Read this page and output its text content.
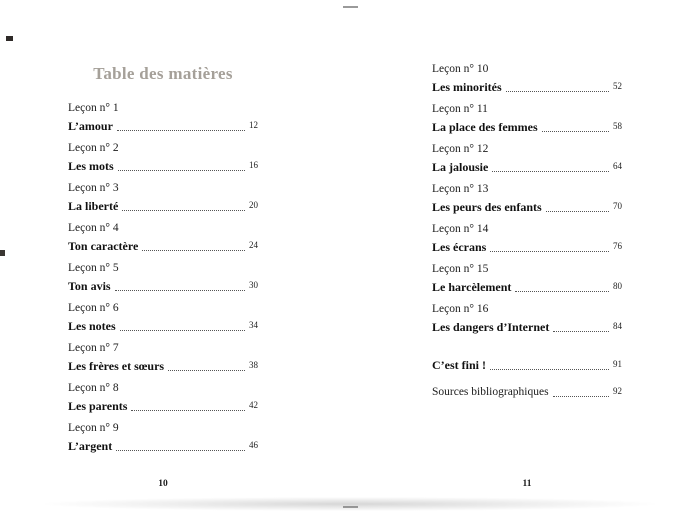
Table des matières
Leçon n° 1
L’amour	12
Leçon n° 2
Les mots	16
Leçon n° 3
La liberté	20
Leçon n° 4
Ton caractère	24
Leçon n° 5
Ton avis	30
Leçon n° 6
Les notes	34
Leçon n° 7
Les frères et sœurs	38
Leçon n° 8
Les parents	42
Leçon n° 9
L’argent	46
10
Leçon n° 10
Les minorités	52
Leçon n° 11
La place des femmes	58
Leçon n° 12
La jalousie	64
Leçon n° 13
Les peurs des enfants	70
Leçon n° 14
Les écrans	76
Leçon n° 15
Le harcèlement	80
Leçon n° 16
Les dangers d’Internet	84
C’est fini !	91
Sources bibliographiques	92
11
